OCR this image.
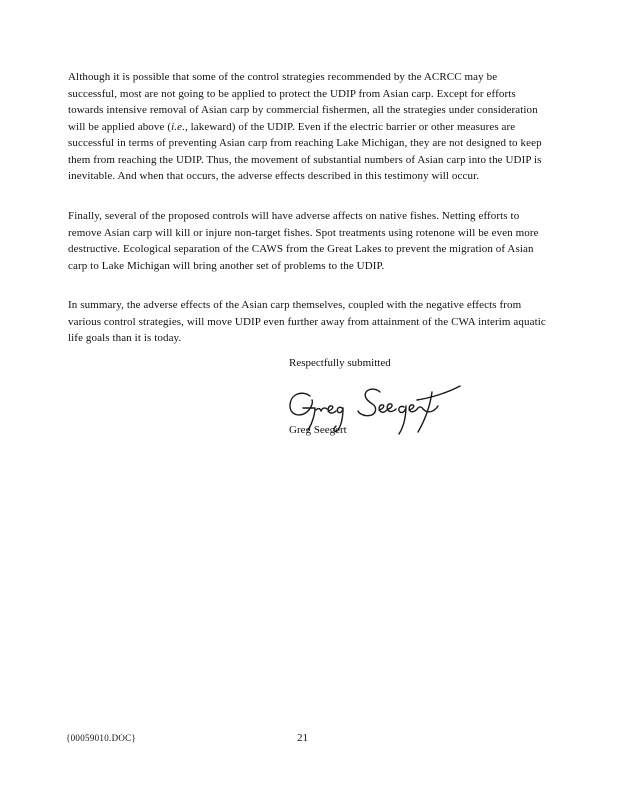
Although it is possible that some of the control strategies recommended by the ACRCC may be successful, most are not going to be applied to protect the UDIP from Asian carp. Except for efforts towards intensive removal of Asian carp by commercial fishermen, all the strategies under consideration will be applied above (i.e., lakeward) of the UDIP. Even if the electric barrier or other measures are successful in terms of preventing Asian carp from reaching Lake Michigan, they are not designed to keep them from reaching the UDIP. Thus, the movement of substantial numbers of Asian carp into the UDIP is inevitable. And when that occurs, the adverse effects described in this testimony will occur.

Finally, several of the proposed controls will have adverse affects on native fishes. Netting efforts to remove Asian carp will kill or injure non-target fishes. Spot treatments using rotenone will be even more destructive. Ecological separation of the CAWS from the Great Lakes to prevent the migration of Asian carp to Lake Michigan will bring another set of problems to the UDIP.

In summary, the adverse effects of the Asian carp themselves, coupled with the negative effects from various control strategies, will move UDIP even further away from attainment of the CWA interim aquatic life goals than it is today.

Respectfully submitted
Greg Seegert
{00059010.DOC}	21
